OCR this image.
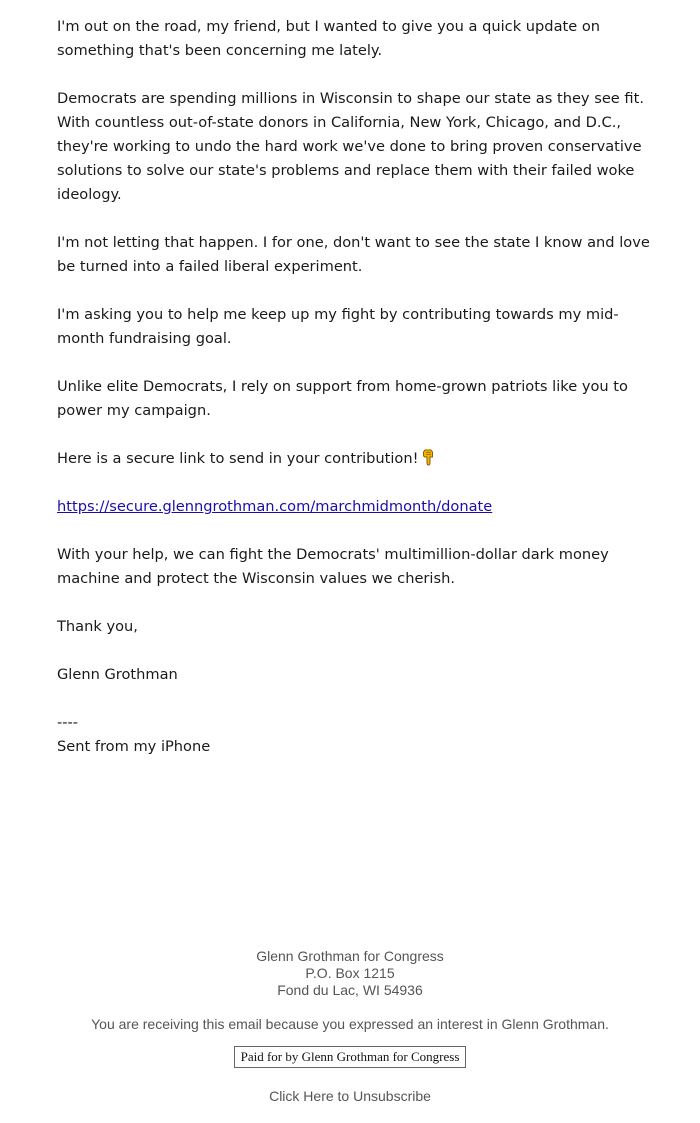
I'm out on the road, my friend, but I wanted to give you a quick update on something that's been concerning me lately.

Democrats are spending millions in Wisconsin to shape our state as they see fit. With countless out-of-state donors in California, New York, Chicago, and D.C., they're working to undo the hard work we've done to bring proven conservative solutions to solve our state's problems and replace them with their failed woke ideology.

I'm not letting that happen. I for one, don't want to see the state I know and love be turned into a failed liberal experiment.

I'm asking you to help me keep up my fight by contributing towards my mid-month fundraising goal.

Unlike elite Democrats, I rely on support from home-grown patriots like you to power my campaign.

Here is a secure link to send in your contribution!

https://secure.glenngrothman.com/marchmidmonth/donate

With your help, we can fight the Democrats' multimillion-dollar dark money machine and protect the Wisconsin values we cherish.

Thank you,

Glenn Grothman

----
Sent from my iPhone
Glenn Grothman for Congress
P.O. Box 1215
Fond du Lac, WI 54936
You are receiving this email because you expressed an interest in Glenn Grothman.
Paid for by Glenn Grothman for Congress
Click Here to Unsubscribe
